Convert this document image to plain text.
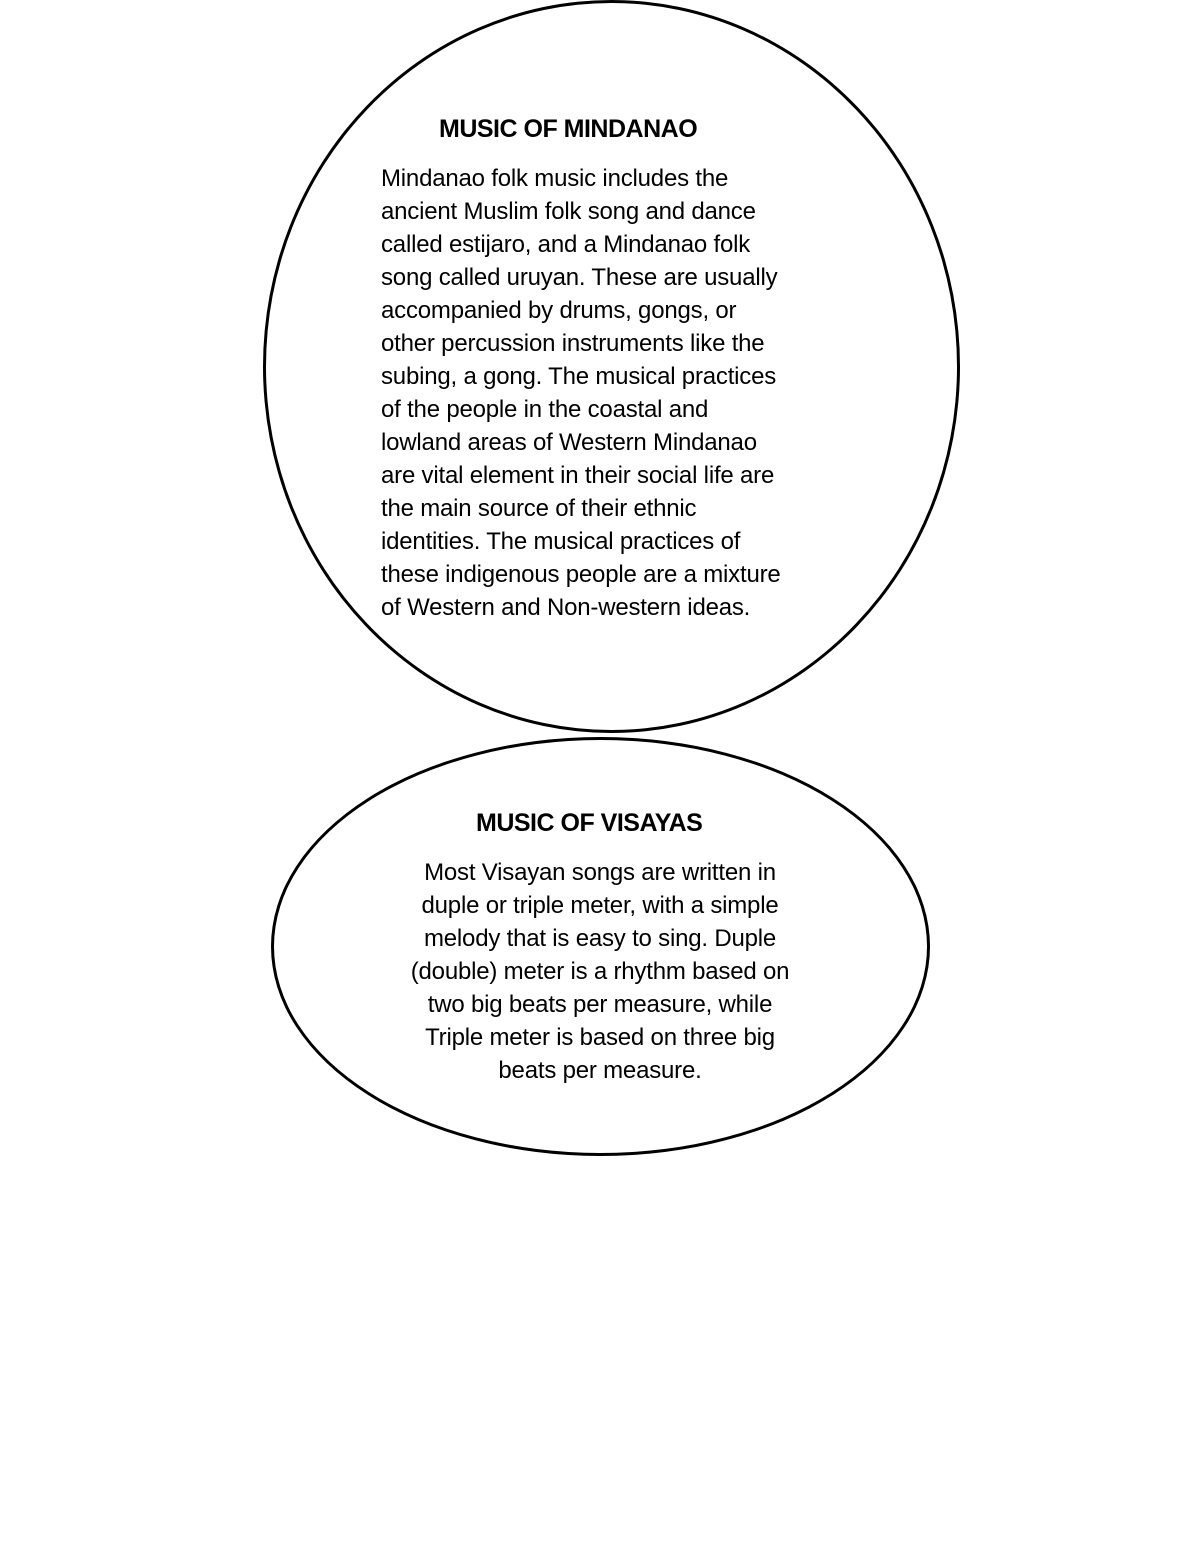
MUSIC OF MINDANAO
Mindanao folk music includes the
ancient Muslim folk song and dance
called estijaro, and a Mindanao folk
song called uruyan. These are usually
accompanied by drums, gongs, or
other percussion instruments like the
subing, a gong. The musical practices
of the people in the coastal and
lowland areas of Western Mindanao
are vital element in their social life are
the main source of their ethnic
identities. The musical practices of
these indigenous people are a mixture
of Western and Non-western ideas.
MUSIC OF VISAYAS
Most Visayan songs are written in
duple or triple meter, with a simple
melody that is easy to sing. Duple
(double) meter is a rhythm based on
two big beats per measure, while
Triple meter is based on three big
beats per measure.
